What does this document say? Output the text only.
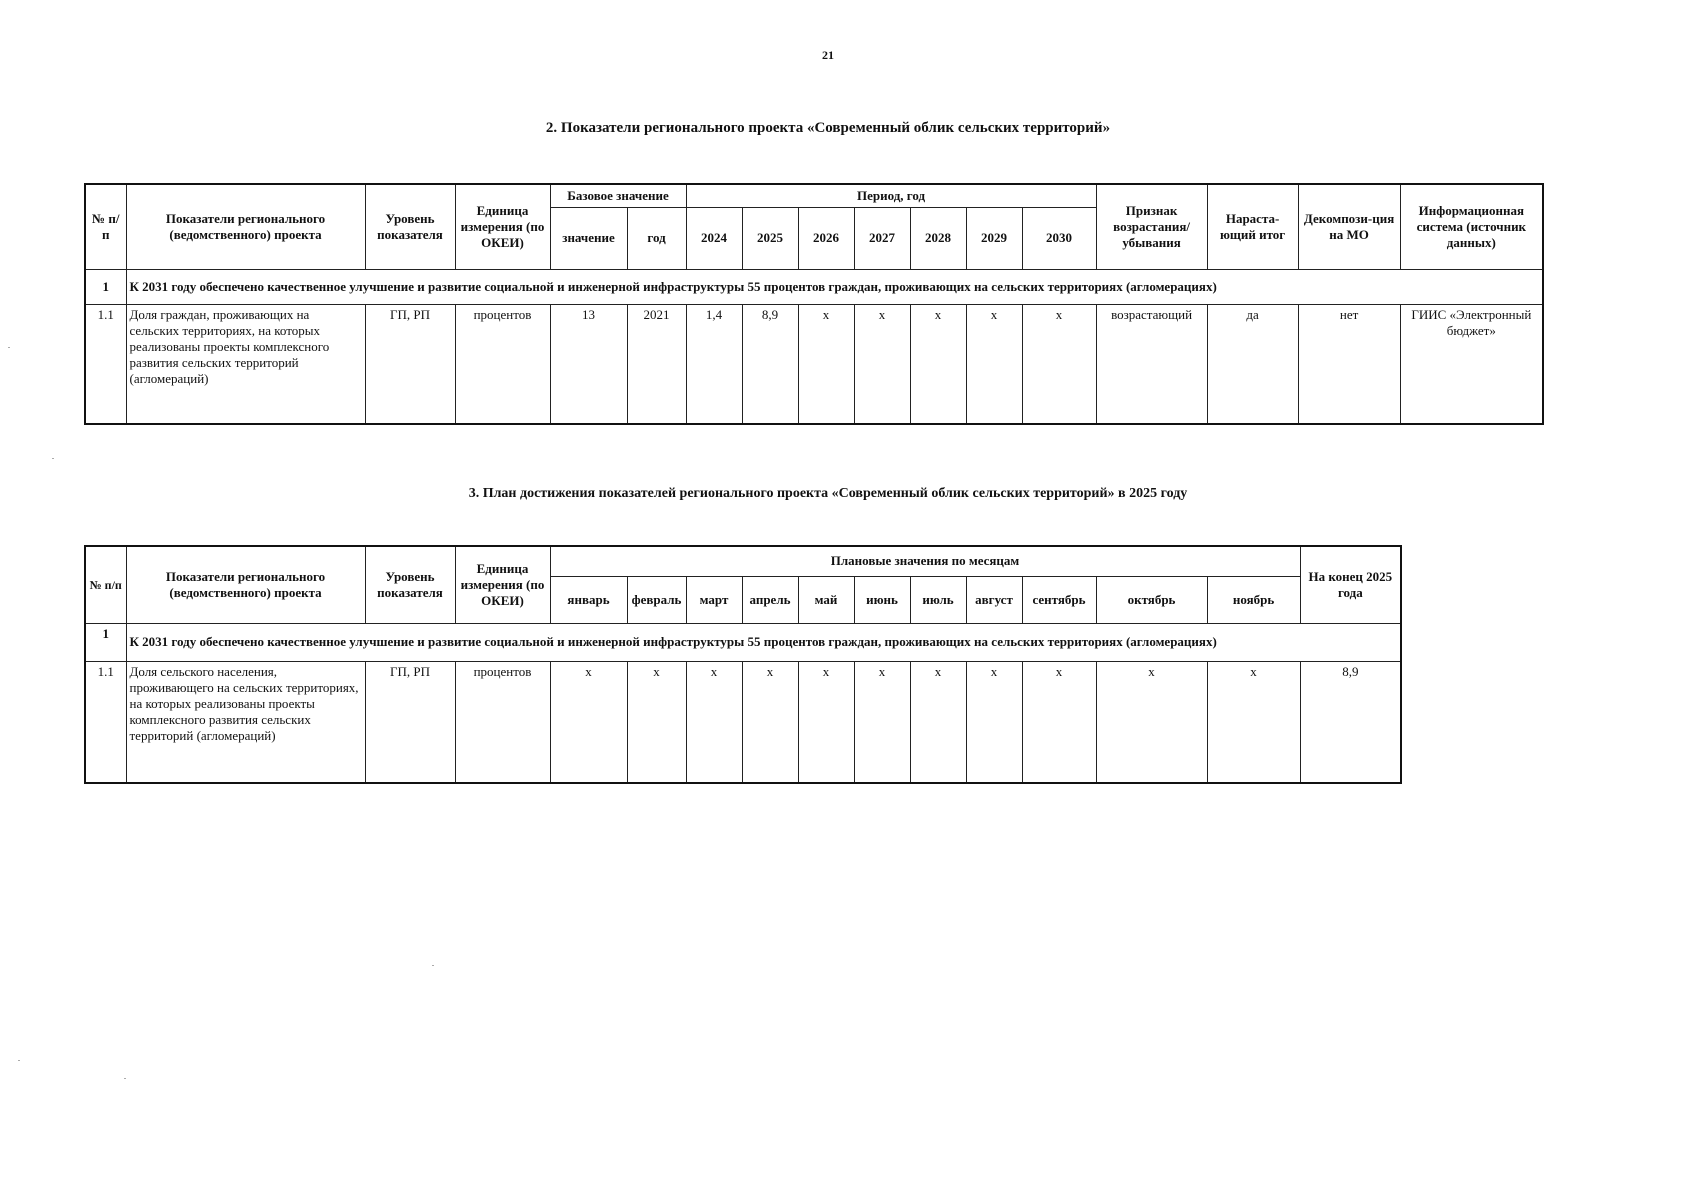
21
2. Показатели регионального проекта «Современный облик сельских территорий»
№ п/п	Показатели регионального (ведомственного) проекта	Уровень показателя	Единица измерения (по ОКЕИ)	Базовое значение		Период, год							Признак возрастания/ убывания	Нараста-ющий итог	Декомпози-ция на МО	Информационная система (источник данных)
				значение	год	2024	2025	2026	2027	2028	2029	2030				
1	К 2031 году обеспечено качественное улучшение и развитие социальной и инженерной инфраструктуры 55 процентов граждан, проживающих на сельских территориях (агломерациях)															
1.1	Доля граждан, проживающих на сельских территориях, на которых реализованы проекты комплексного развития сельских территорий (агломераций)	ГП, РП	процентов	13	2021	1,4	8,9	x	x	x	x	x	возрастающий	да	нет	ГИИС «Электронный бюджет»
3. План достижения показателей регионального проекта «Современный облик сельских территорий» в 2025 году
№ п/п	Показатели регионального (ведомственного) проекта	Уровень показателя	Единица измерения (по ОКЕИ)	Плановые значения по месяцам											На конец 2025 года
				январь	февраль	март	апрель	май	июнь	июль	август	сентябрь	октябрь	ноябрь	
1	К 2031 году обеспечено качественное улучшение и развитие социальной и инженерной инфраструктуры 55 процентов граждан, проживающих на сельских территориях (агломерациях)														
1.1	Доля сельского населения, проживающего на сельских территориях, на которых реализованы проекты комплексного развития сельских территорий (агломераций)	ГП, РП	процентов	x	x	x	x	x	x	x	x	x	x	x	8,9
